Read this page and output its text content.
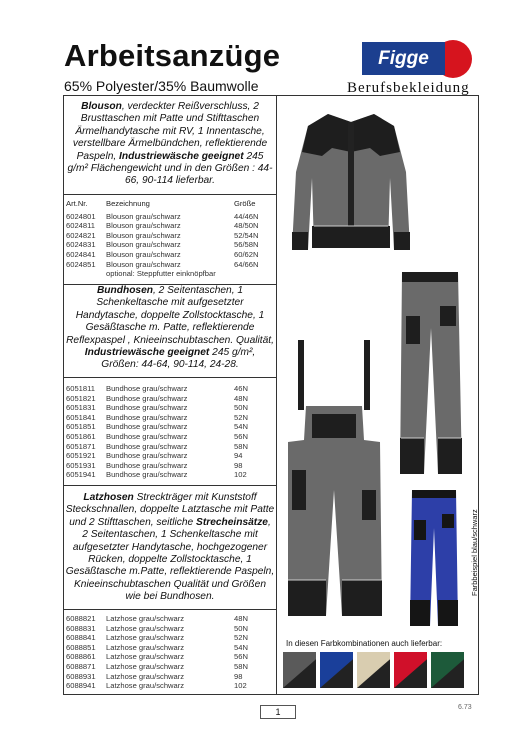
Arbeitsanzüge
65% Polyester/35% Baumwolle
Figge
Berufsbekleidung
Blouson, verdeckter Reißverschluss, 2 Brusttaschen mit Patte und Stifttaschen Ärmelhandytasche mit RV, 1 Innentasche, verstellbare Ärmelbündchen, reflektierende Paspeln, Industriewäsche geeignet 245 g/m² Flächengewicht und in den Größen : 44-66, 90-114 lieferbar.
Art.Nr.	Bezeichnung	Größe
6024801	Blouson grau/schwarz	44/46N
6024811	Blouson grau/schwarz	48/50N
6024821	Blouson grau/schwarz	52/54N
6024831	Blouson grau/schwarz	56/58N
6024841	Blouson grau/schwarz	60/62N
6024851	Blouson grau/schwarz	64/66N
optional: Steppfutter einknöpfbar
Bundhosen, 2 Seitentaschen, 1 Schenkeltasche mit aufgesetzter Handytasche, doppelte Zollstocktasche, 1 Gesäßtasche m. Patte, reflektierende Reflexpaspel , Knieeinschubtaschen. Qualität, Industriewäsche geeignet 245 g/m², Größen: 44-64, 90-114, 24-28.
6051811	Bundhose grau/schwarz	46N
6051821	Bundhose grau/schwarz	48N
6051831	Bundhose grau/schwarz	50N
6051841	Bundhose grau/schwarz	52N
6051851	Bundhose grau/schwarz	54N
6051861	Bundhose grau/schwarz	56N
6051871	Bundhose grau/schwarz	58N
6051921	Bundhose grau/schwarz	94
6051931	Bundhose grau/schwarz	98
6051941	Bundhose grau/schwarz	102
Latzhosen Streckträger mit Kunststoff Steckschnallen, doppelte Latztasche mit Patte und 2 Stifttaschen, seitliche Strecheinsätze, 2 Seitentaschen, 1 Schenkeltasche mit aufgesetzter Handytasche, hochgezogener Rücken, doppelte Zollstocktasche, 1 Gesäßtasche m.Patte, reflektierende Paspeln, Knieeinschubtaschen Qualität und Größen wie bei Bundhosen.
6088821	Latzhose grau/schwarz	48N
6088831	Latzhose grau/schwarz	50N
6088841	Latzhose grau/schwarz	52N
6088851	Latzhose grau/schwarz	54N
6088861	Latzhose grau/schwarz	56N
6088871	Latzhose grau/schwarz	58N
6088931	Latzhose grau/schwarz	98
6088941	Latzhose grau/schwarz	102
Farbbeispiel blau/schwarz
In diesen Farbkombinationen auch lieferbar:
1	6.73
